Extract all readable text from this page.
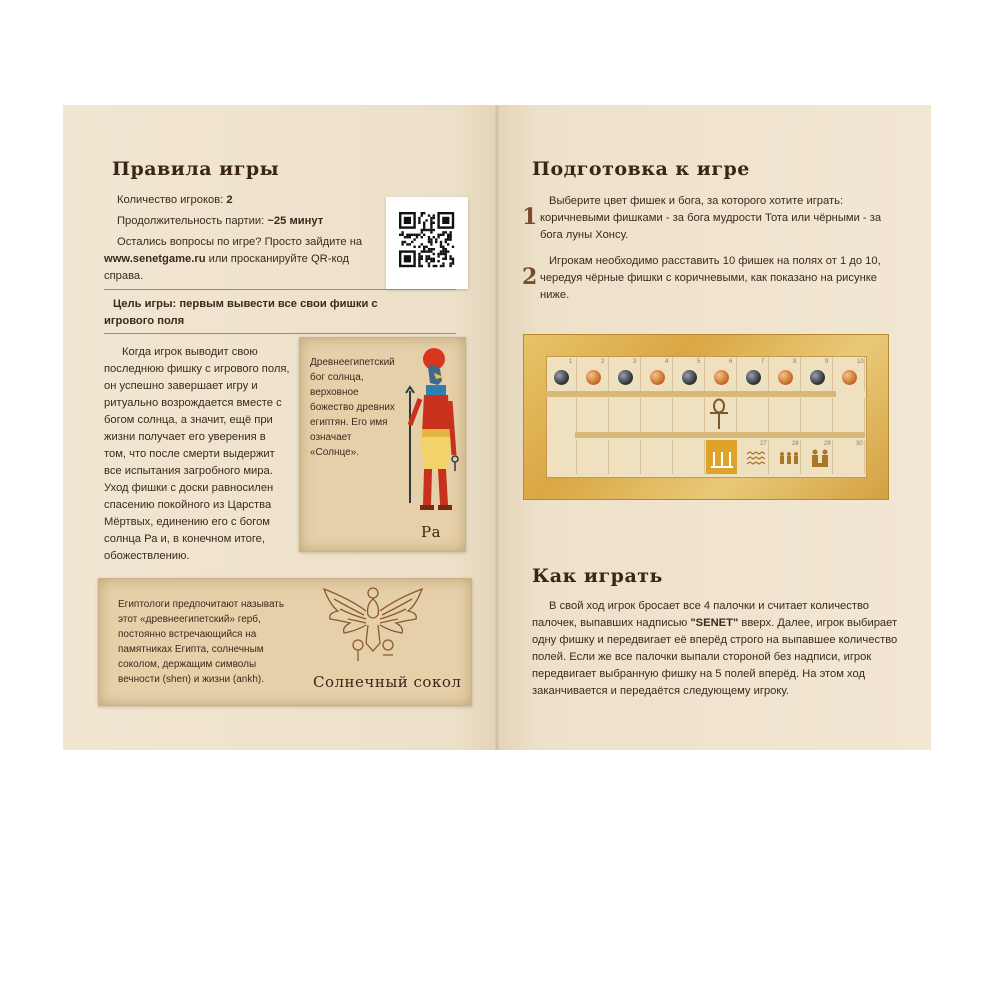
Правила игры

Количество игроков: 2

Продолжительность партии: ~25 минут

Остались вопросы по игре? Просто зайдите на

www.senetgame.ru или просканируйте QR-код

справа.

Цель игры: первым вывести все свои фишки с

игрового поля

Когда игрок выводит свою

последнюю фишку с игрового поля,

он успешно завершает игру и

ритуально возрождается вместе с

богом солнца, а значит, ещё при

жизни получает его уверения в

том, что после смерти выдержит

все испытания загробного мира.

Уход фишки с доски равносилен

спасению покойного из Царства

Мёртвых, единению его с богом

солнца Ра и, в конечном итоге,

обожествлению.

Древнеегипетский

бог солнца,

верховное

божество древних

египтян. Его имя

означает

«Солнце».

Ра

Египтологи предпочитают называть

этот «древнеегипетский» герб,

постоянно встречающийся на

памятниках Египта, солнечным

соколом, держащим символы

вечности (shen) и жизни (ankh).	Солнечный сокол

Подготовка к игре
1

Выберите цвет фишек и бога, за которого хотите играть:

коричневыми фишками - за бога мудрости Тота или чёрными - за

бога луны Хонсу.

2

Игрокам необходимо расставить 10 фишек на полях от 1 до 10,

чередуя чёрные фишки с коричневыми, как показано на рисунке

ниже.

1	2	3	4	5	6	7	8	9	10
27	28	29	30
Как играть

В свой ход игрок бросает все 4 палочки и считает количество

палочек, выпавших надписью "SENET" вверх. Далее, игрок выбирает

одну фишку и передвигает её вперёд строго на выпавшее количество

полей. Если же все палочки выпали стороной без надписи, игрок

передвигает выбранную фишку на 5 полей вперёд. На этом ход

заканчивается и передаётся следующему игроку.
